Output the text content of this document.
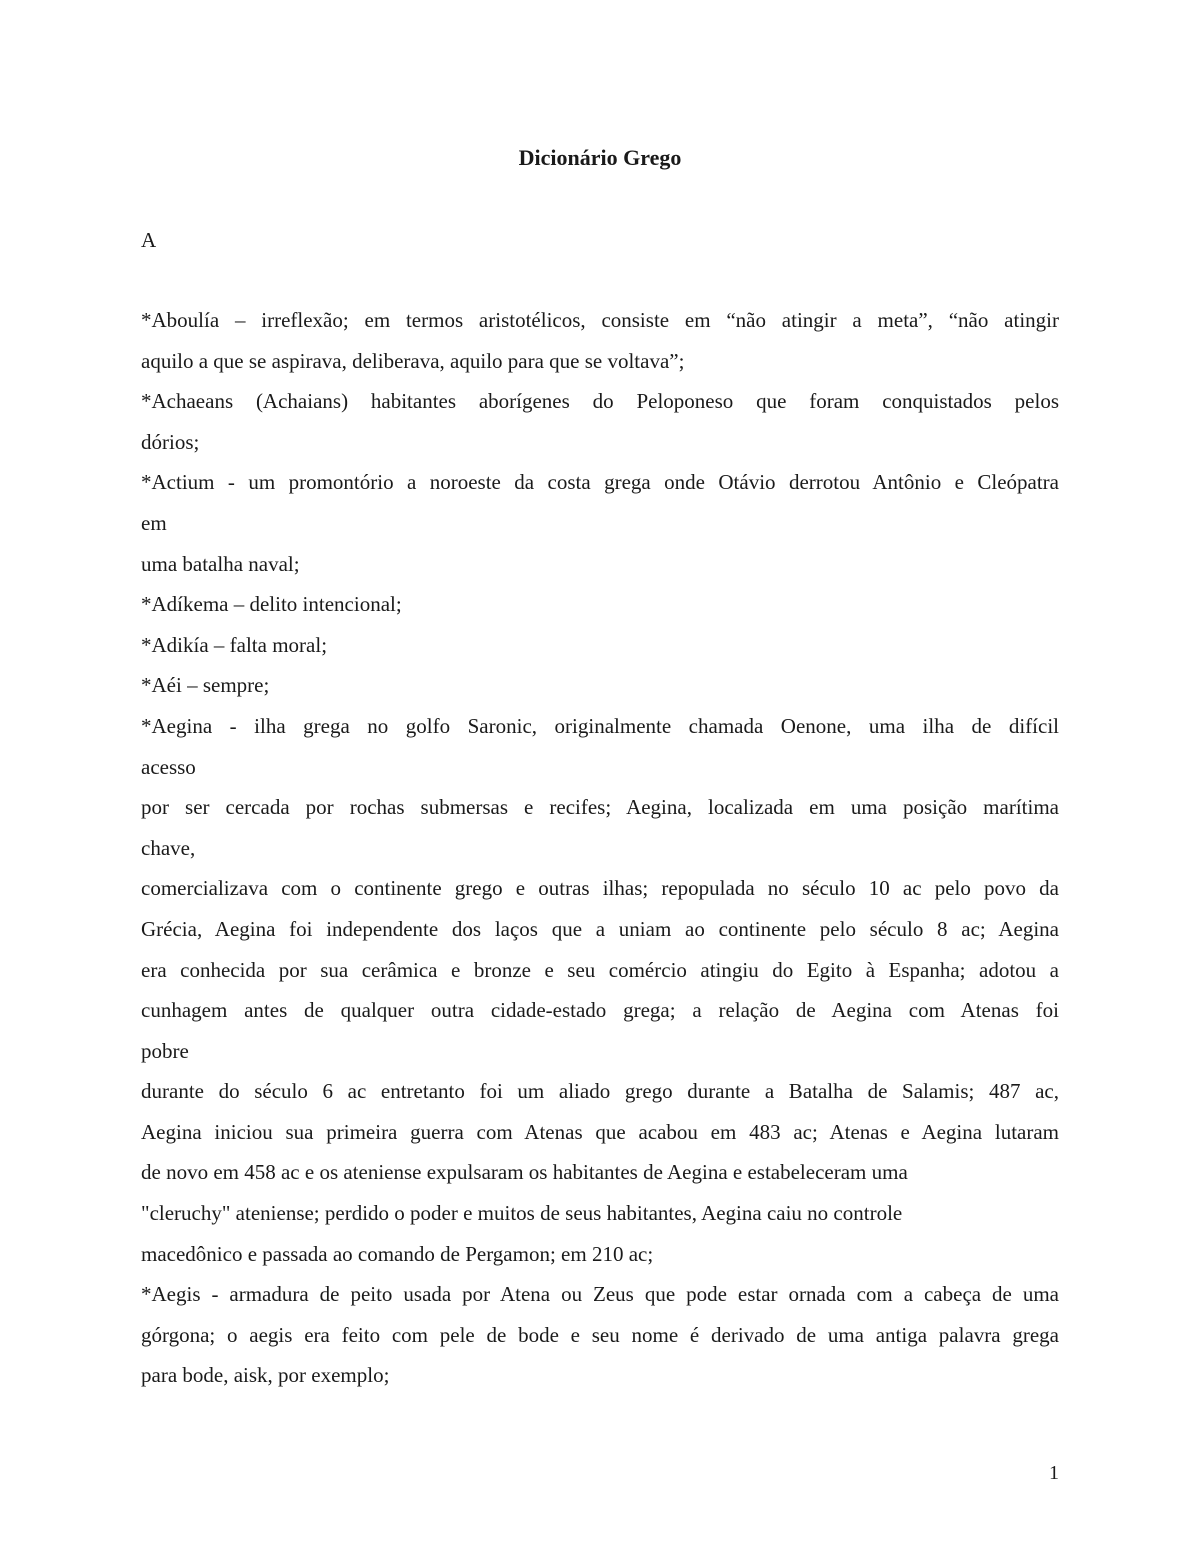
Dicionário Grego
A
*Aboulía – irreflexão; em termos aristotélicos, consiste em “não atingir a meta”, “não atingir
aquilo a que se aspirava, deliberava, aquilo para que se voltava”;
*Achaeans (Achaians) habitantes aborígenes do Peloponeso que foram conquistados pelos
dórios;
*Actium - um promontório a noroeste da costa grega onde Otávio derrotou Antônio e Cleópatra
em
uma batalha naval;
*Adíkema – delito intencional;
*Adikía – falta moral;
*Aéi – sempre;
*Aegina - ilha grega no golfo Saronic, originalmente chamada Oenone, uma ilha de difícil
acesso
por ser cercada por rochas submersas e recifes; Aegina, localizada em uma posição marítima
chave,
comercializava com o continente grego e outras ilhas; repopulada no século 10 ac pelo povo da
Grécia, Aegina foi independente dos laços que a uniam ao continente pelo século 8 ac; Aegina
era conhecida por sua cerâmica e bronze e seu comércio atingiu do Egito à Espanha; adotou a
cunhagem antes de qualquer outra cidade-estado grega; a relação de Aegina com Atenas foi
pobre
durante do século 6 ac entretanto foi um aliado grego durante a Batalha de Salamis; 487 ac,
Aegina iniciou sua primeira guerra com Atenas que acabou em 483 ac; Atenas e Aegina lutaram
de novo em 458 ac e os ateniense expulsaram os habitantes de Aegina e estabeleceram uma
"cleruchy" ateniense; perdido o poder e muitos de seus habitantes, Aegina caiu no controle
macedônico e passada ao comando de Pergamon; em 210 ac;
*Aegis - armadura de peito usada por Atena ou Zeus que pode estar ornada com a cabeça de uma
górgona; o aegis era feito com pele de bode e seu nome é derivado de uma antiga palavra grega
para bode, aisk, por exemplo;
1
